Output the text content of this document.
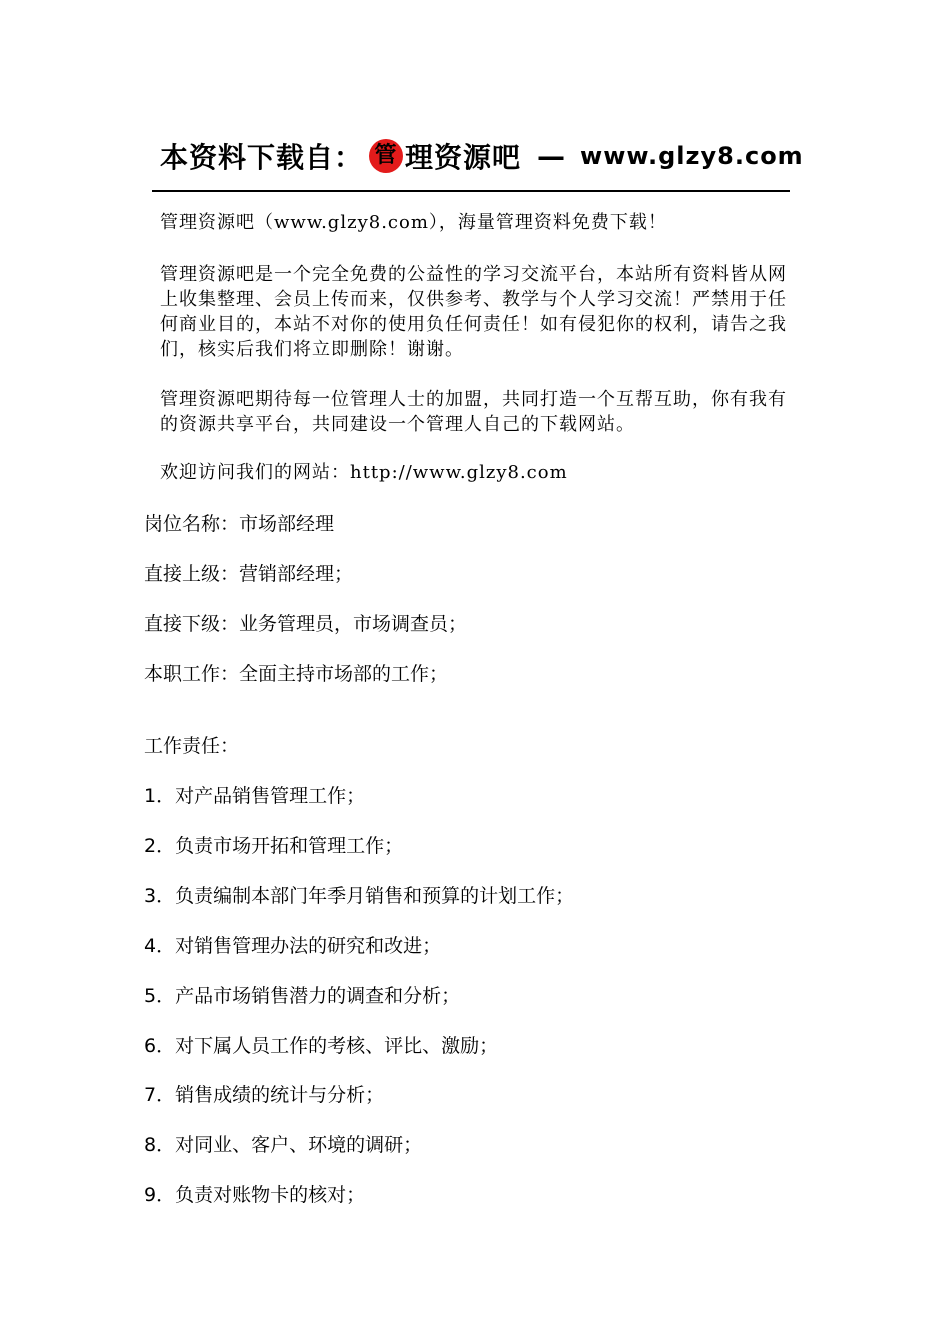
本资料下载自： 管 理资源吧 — www.glzy8.com
管理资源吧（www.glzy8.com），海量管理资料免费下载！
管理资源吧是一个完全免费的公益性的学习交流平台，本站所有资料皆从网上收集整理、会员上传而来，仅供参考、教学与个人学习交流！严禁用于任何商业目的，本站不对你的使用负任何责任！如有侵犯你的权利，请告之我们，核实后我们将立即删除！谢谢。
管理资源吧期待每一位管理人士的加盟，共同打造一个互帮互助，你有我有的资源共享平台，共同建设一个管理人自己的下载网站。
欢迎访问我们的网站：http://www.glzy8.com
岗位名称：市场部经理
直接上级：营销部经理；
直接下级：业务管理员，市场调查员；
本职工作：全面主持市场部的工作；
工作责任：
1．对产品销售管理工作；
2．负责市场开拓和管理工作；
3．负责编制本部门年季月销售和预算的计划工作；
4．对销售管理办法的研究和改进；
5．产品市场销售潜力的调查和分析；
6．对下属人员工作的考核、评比、激励；
7．销售成绩的统计与分析；
8．对同业、客户、环境的调研；
9．负责对账物卡的核对；
